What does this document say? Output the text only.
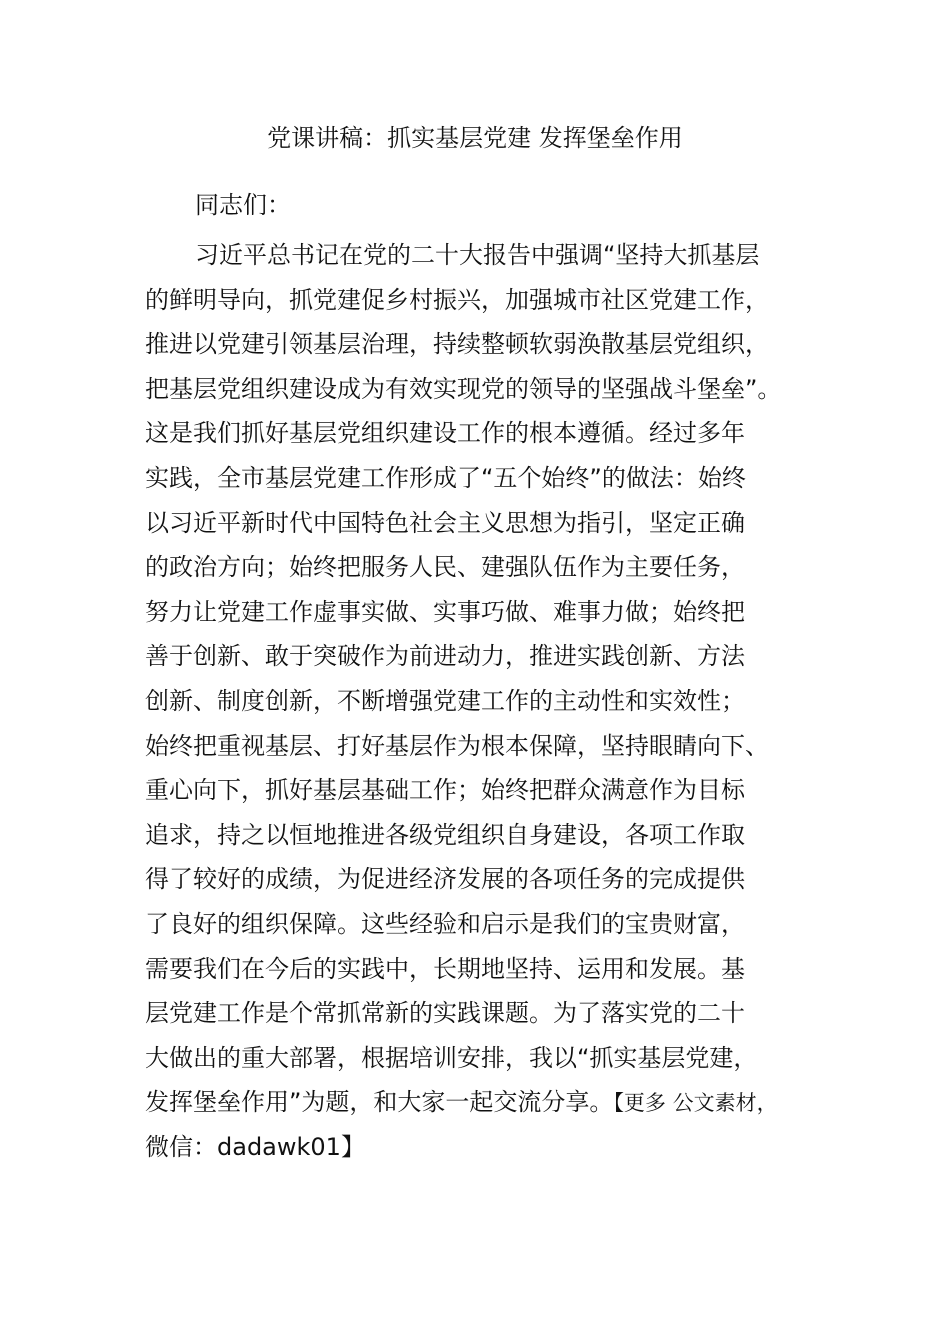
党课讲稿：抓实基层党建 发挥堡垒作用
同志们：
习近平总书记在党的二十大报告中强调“坚持大抓基层
的鲜明导向，抓党建促乡村振兴，加强城市社区党建工作，
推进以党建引领基层治理，持续整顿软弱涣散基层党组织，
把基层党组织建设成为有效实现党的领导的坚强战斗堡垒”。
这是我们抓好基层党组织建设工作的根本遵循。经过多年
实践，全市基层党建工作形成了“五个始终”的做法：始终
以习近平新时代中国特色社会主义思想为指引，坚定正确
的政治方向；始终把服务人民、建强队伍作为主要任务，
努力让党建工作虚事实做、实事巧做、难事力做；始终把
善于创新、敢于突破作为前进动力，推进实践创新、方法
创新、制度创新，不断增强党建工作的主动性和实效性；
始终把重视基层、打好基层作为根本保障，坚持眼睛向下、
重心向下，抓好基层基础工作；始终把群众满意作为目标
追求，持之以恒地推进各级党组织自身建设，各项工作取
得了较好的成绩，为促进经济发展的各项任务的完成提供
了良好的组织保障。这些经验和启示是我们的宝贵财富，
需要我们在今后的实践中，长期地坚持、运用和发展。基
层党建工作是个常抓常新的实践课题。为了落实党的二十
大做出的重大部署，根据培训安排，我以“抓实基层党建，
发挥堡垒作用”为题，和大家一起交流分享。【更多 公文素材，
微信：dadawk01】
